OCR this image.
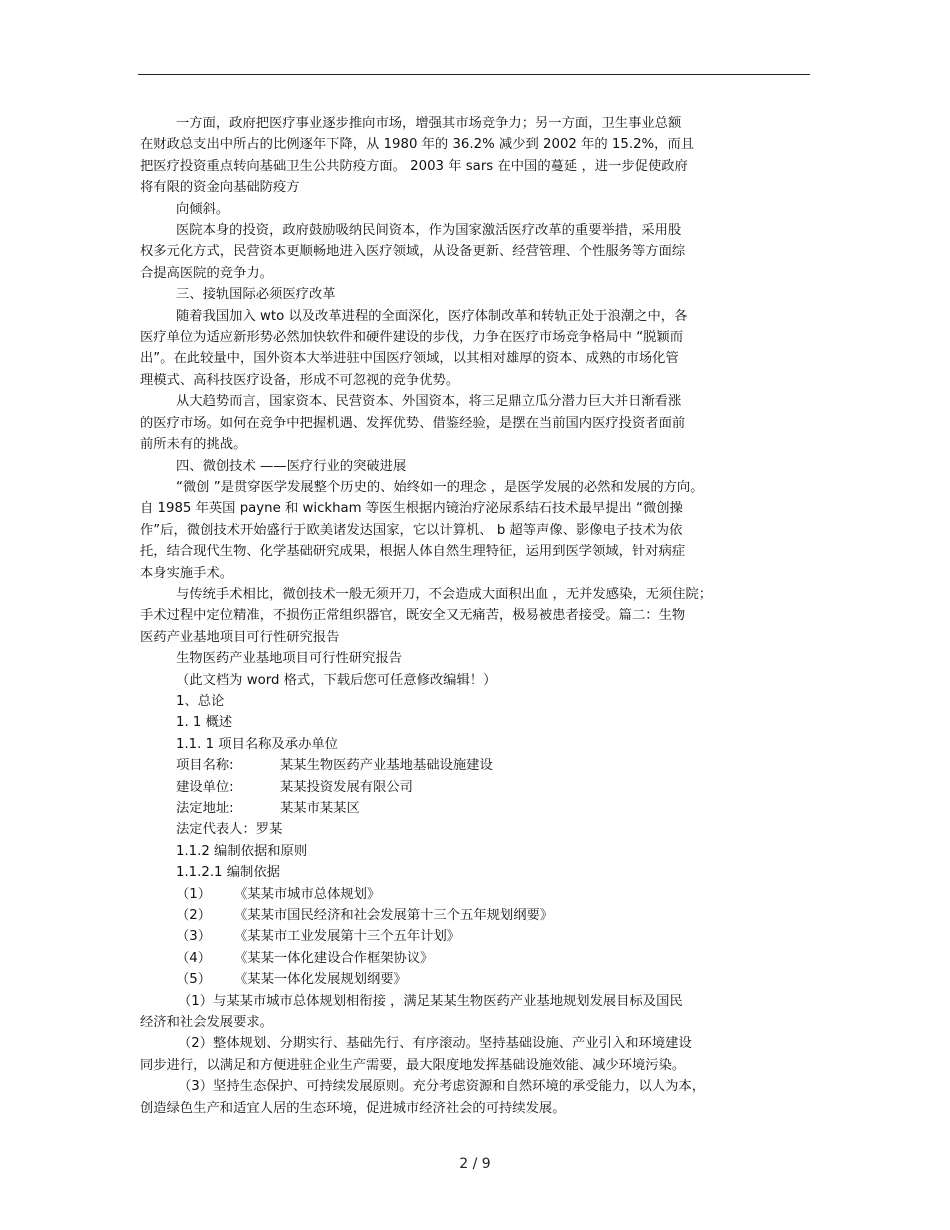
一方面，政府把医疗事业逐步推向市场，增强其市场竞争力；另一方面，卫生事业总额

在财政总支出中所占的比例逐年下降，从 1980 年的 36.2% 减少到 2002 年的 15.2%，而且

把医疗投资重点转向基础卫生公共防疫方面。 2003 年 sars 在中国的蔓延 ，进一步促使政府

将有限的资金向基础防疫方

向倾斜。

医院本身的投资，政府鼓励吸纳民间资本，作为国家激活医疗改革的重要举措，采用股

权多元化方式，民营资本更顺畅地进入医疗领域，从设备更新、经营管理、个性服务等方面综

合提高医院的竞争力。

三、接轨国际必须医疗改革

随着我国加入 wto 以及改革进程的全面深化，医疗体制改革和转轨正处于浪潮之中，各

医疗单位为适应新形势必然加快软件和硬件建设的步伐，力争在医疗市场竞争格局中 “脱颖而

出”。在此较量中，国外资本大举进驻中国医疗领域，以其相对雄厚的资本、成熟的市场化管

理模式、高科技医疗设备，形成不可忽视的竞争优势。

从大趋势而言，国家资本、民营资本、外国资本，将三足鼎立瓜分潜力巨大并日渐看涨

的医疗市场。如何在竞争中把握机遇、发挥优势、借鉴经验，是摆在当前国内医疗投资者面前

前所未有的挑战。

四、微创技术 ——医疗行业的突破进展

“微创 ”是贯穿医学发展整个历史的、始终如一的理念 ，是医学发展的必然和发展的方向。

自 1985 年英国 payne 和 wickham 等医生根据内镜治疗泌尿系结石技术最早提出 “微创操

作”后，微创技术开始盛行于欧美诸发达国家，它以计算机、 b 超等声像、影像电子技术为依

托，结合现代生物、化学基础研究成果，根据人体自然生理特征，运用到医学领域，针对病症

本身实施手术。

与传统手术相比，微创技术一般无须开刀，不会造成大面积出血 ，无并发感染，无须住院；

手术过程中定位精准，不损伤正常组织器官，既安全又无痛苦，极易被患者接受。篇二：生物

医药产业基地项目可行性研究报告

生物医药产业基地项目可行性研究报告

（此文档为 word 格式，下载后您可任意修改编辑！）

1、总论

1. 1 概述

1.1. 1 项目名称及承办单位

项目名称:	某某生物医药产业基地基础设施建设

建设单位:	某某投资发展有限公司

法定地址:	某某市某某区

法定代表人：罗某

1.1.2 编制依据和原则

1.1.2.1 编制依据

（1） 《某某市城市总体规划》

（2） 《某某市国民经济和社会发展第十三个五年规划纲要》

（3） 《某某市工业发展第十三个五年计划》

（4） 《某某一体化建设合作框架协议》

（5） 《某某一体化发展规划纲要》

（1）与某某市城市总体规划相衔接 ，满足某某生物医药产业基地规划发展目标及国民

经济和社会发展要求。

（2）整体规划、分期实行、基础先行、有序滚动。坚持基础设施、产业引入和环境建设

同步进行，以满足和方便进驻企业生产需要，最大限度地发挥基础设施效能、减少环境污染。

（3）坚持生态保护、可持续发展原则。充分考虑资源和自然环境的承受能力，以人为本，

创造绿色生产和适宜人居的生态环境，促进城市经济社会的可持续发展。

2 / 9
